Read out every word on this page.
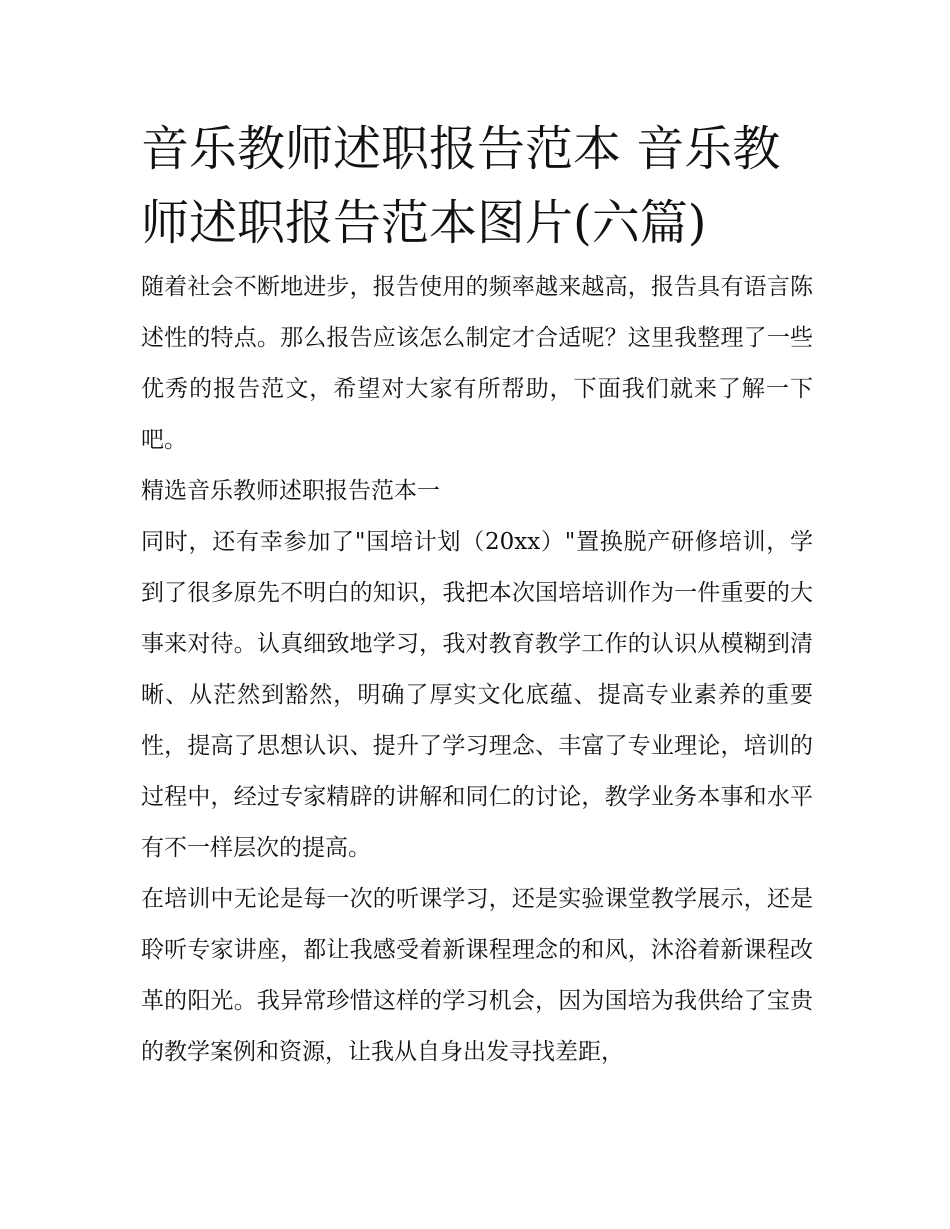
音乐教师述职报告范本 音乐教师述职报告范本图片(六篇)

随着社会不断地进步，报告使用的频率越来越高，报告具有语言陈述性的特点。那么报告应该怎么制定才合适呢？这里我整理了一些优秀的报告范文，希望对大家有所帮助，下面我们就来了解一下吧。

精选音乐教师述职报告范本一

同时，还有幸参加了"国培计划（20xx）"置换脱产研修培训，学到了很多原先不明白的知识，我把本次国培培训作为一件重要的大事来对待。认真细致地学习，我对教育教学工作的认识从模糊到清晰、从茫然到豁然，明确了厚实文化底蕴、提高专业素养的重要性，提高了思想认识、提升了学习理念、丰富了专业理论，培训的过程中，经过专家精辟的讲解和同仁的讨论，教学业务本事和水平有不一样层次的提高。

在培训中无论是每一次的听课学习，还是实验课堂教学展示，还是聆听专家讲座，都让我感受着新课程理念的和风，沐浴着新课程改革的阳光。我异常珍惜这样的学习机会，因为国培为我供给了宝贵的教学案例和资源，让我从自身出发寻找差距，
